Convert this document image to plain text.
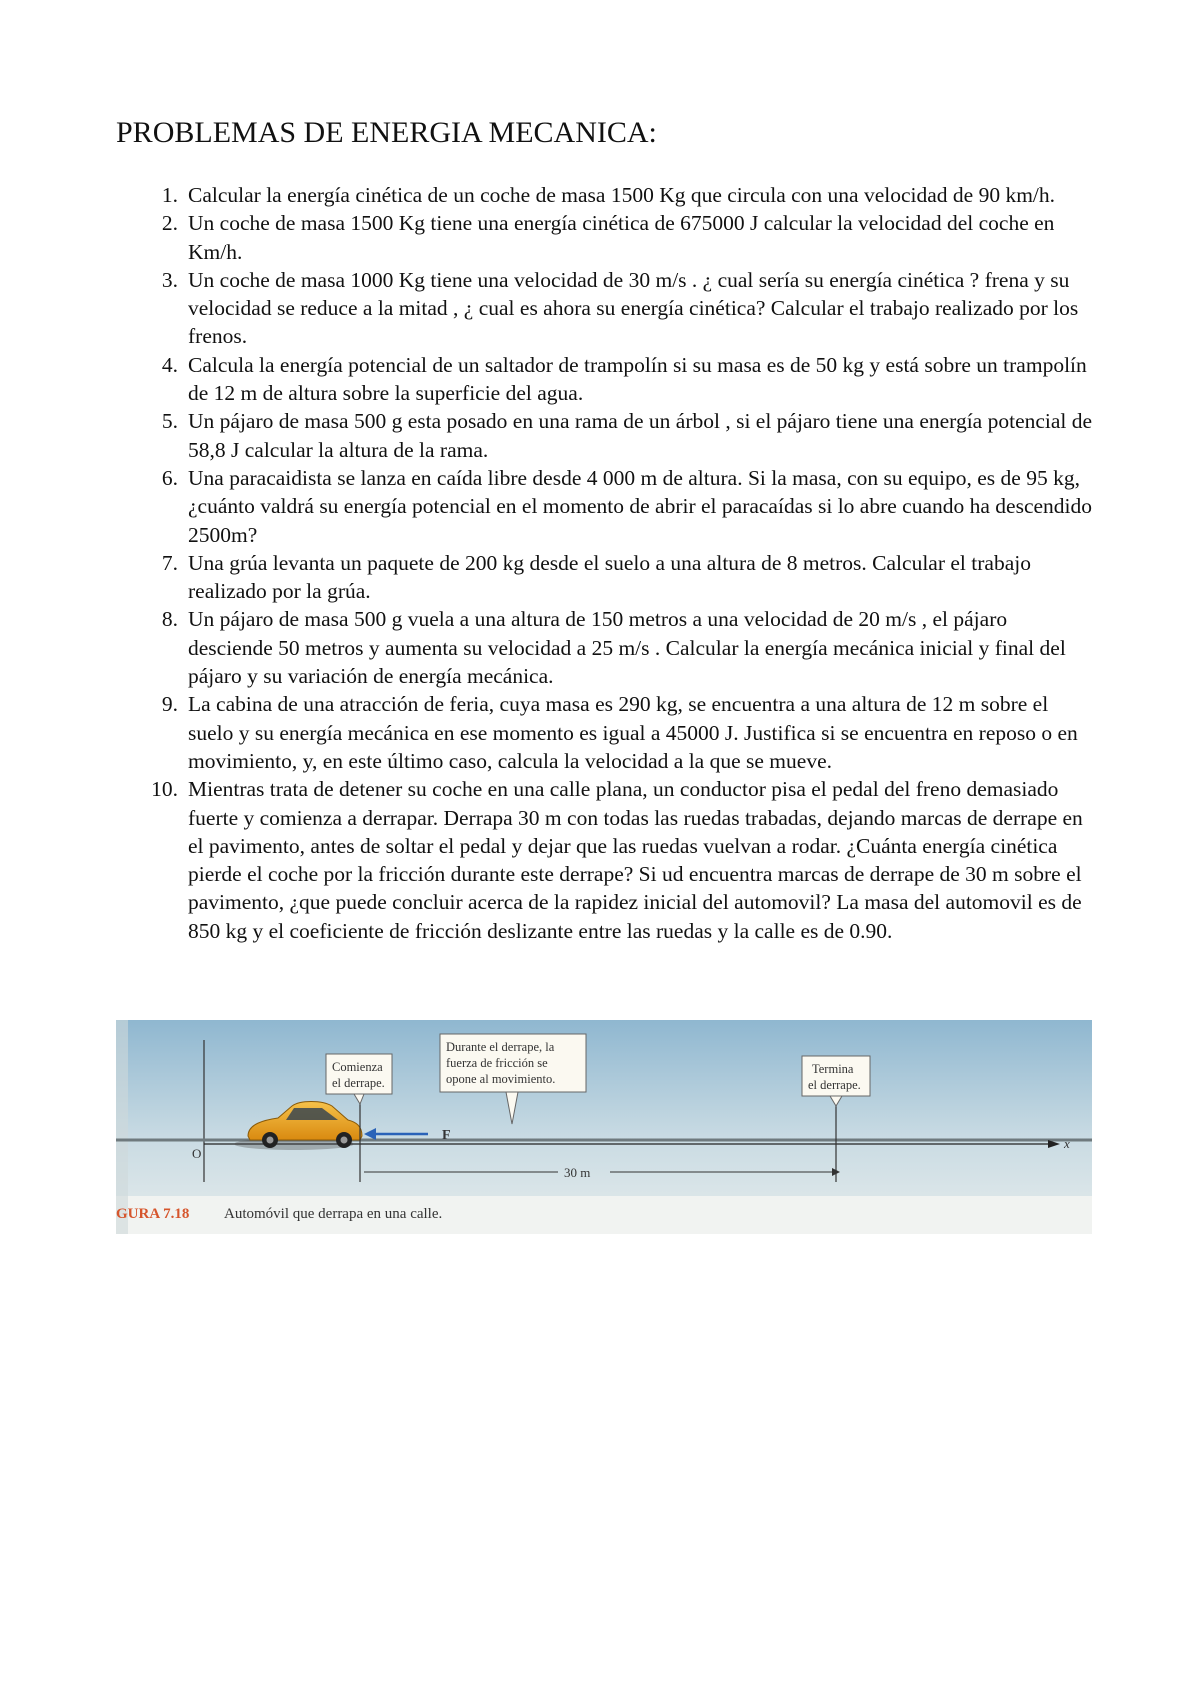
PROBLEMAS DE ENERGIA MECANICA:
1. Calcular la energía cinética de un coche de masa 1500 Kg que circula con una velocidad de 90 km/h.
2. Un coche de masa 1500 Kg tiene una energía cinética de 675000 J calcular la velocidad del coche en Km/h.
3. Un coche de masa 1000 Kg tiene una velocidad de 30 m/s . ¿ cual sería su energía cinética ? frena y su velocidad se reduce a la mitad , ¿ cual es ahora su energía cinética? Calcular el trabajo realizado por los frenos.
4. Calcula la energía potencial de un saltador de trampolín si su masa es de 50 kg y está sobre un trampolín de 12 m de altura sobre la superficie del agua.
5. Un pájaro de masa 500 g esta posado en una rama de un árbol , si el pájaro tiene una energía potencial de 58,8 J calcular la altura de la rama.
6. Una paracaidista se lanza en caída libre desde 4 000 m de altura. Si la masa, con su equipo, es de 95 kg, ¿cuánto valdrá su energía potencial en el momento de abrir el paracaídas si lo abre cuando ha descendido 2500m?
7. Una grúa levanta un paquete de 200 kg desde el suelo a una altura de 8 metros. Calcular el trabajo realizado por la grúa.
8. Un pájaro de masa 500 g vuela a una altura de 150 metros a una velocidad de 20 m/s , el pájaro desciende 50 metros y aumenta su velocidad a 25 m/s . Calcular la energía mecánica inicial y final del pájaro y su variación de energía mecánica.
9. La cabina de una atracción de feria, cuya masa es 290 kg, se encuentra a una altura de 12 m sobre el suelo y su energía mecánica en ese momento es igual a 45000 J. Justifica si se encuentra en reposo o en movimiento, y, en este último caso, calcula la velocidad a la que se mueve.
10. Mientras trata de detener su coche en una calle plana, un conductor pisa el pedal del freno demasiado fuerte y comienza a derrapar. Derrapa 30 m con todas las ruedas trabadas, dejando marcas de derrape en el pavimento, antes de soltar el pedal y dejar que las ruedas vuelvan a rodar. ¿Cuánta energía cinética pierde el coche por la fricción durante este derrape? Si ud encuentra marcas de derrape de 30 m sobre el pavimento, ¿que puede concluir acerca de la rapidez inicial del automovil? La masa del automovil es de 850 kg y el coeficiente de fricción deslizante entre las ruedas y la calle es de 0.90.
O
x
F
30 m
Comienza
el derrape.
Durante el derrape, la
fuerza de fricción se
opone al movimiento.
Termina
el derrape.
GURA 7.18 Automóvil que derrapa en una calle.
